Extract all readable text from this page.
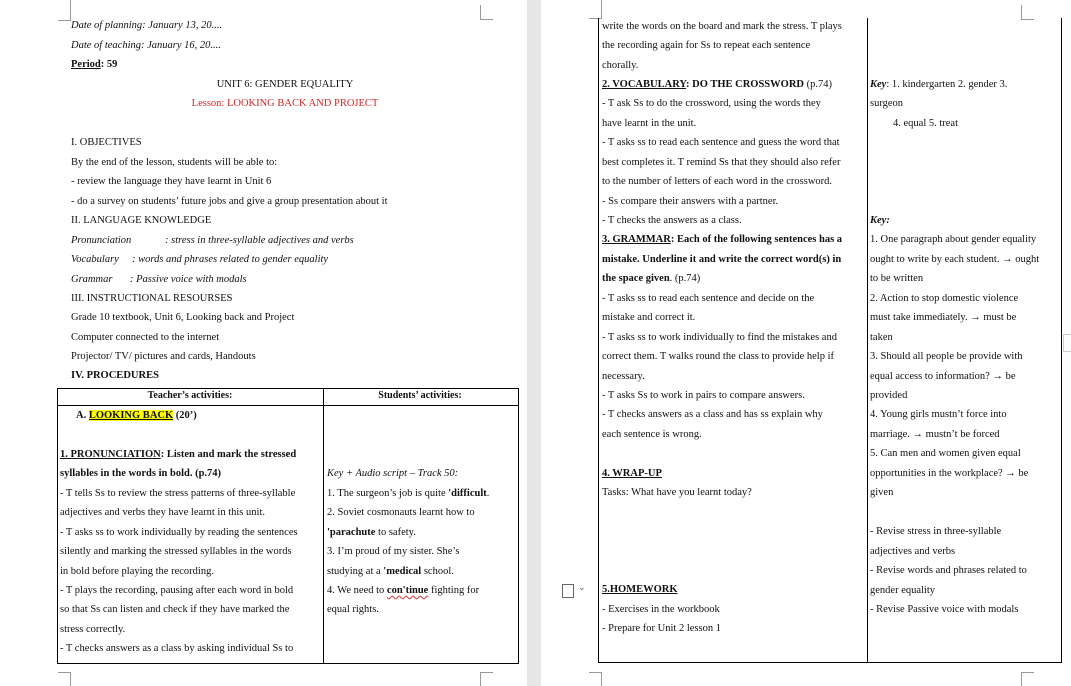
Date of planning: January 13, 20....
Date of teaching: January 16, 20....
Period: 59
UNIT 6: GENDER EQUALITY
Lesson: LOOKING BACK AND PROJECT
I. OBJECTIVES
By the end of the lesson, students will be able to:
- review the language they have learnt in Unit 6
- do a survey on students’ future jobs and give a group presentation about it
II. LANGUAGE KNOWLEDGE
Pronunciation	: stress in three-syllable adjectives and verbs
Vocabulary : words and phrases related to gender equality
Grammar : Passive voice with modals
III. INSTRUCTIONAL RESOURSES
Grade 10 textbook, Unit 6, Looking back and Project
Computer connected to the internet
Projector/ TV/ pictures and cards, Handouts
IV. PROCEDURES
Teacher’s activities:	Students’ activities:
A. LOOKING BACK (20’)
1. PRONUNCIATION: Listen and mark the stressed
syllables in the words in bold. (p.74)
- T tells Ss to review the stress patterns of three-syllable
adjectives and verbs they have learnt in this unit.
- T asks ss to work individually by reading the sentences
silently and marking the stressed syllables in the words
in bold before playing the recording.
- T plays the recording, pausing after each word in bold
so that Ss can listen and check if they have marked the
stress correctly.
- T checks answers as a class by asking individual Ss to
Key + Audio script – Track 50:
1. The surgeon’s job is quite 'difficult.
2. Soviet cosmonauts learnt how to
'parachute to safety.
3. I’m proud of my sister. She’s
studying at a 'medical school.
4. We need to con'tinue fighting for
equal rights.
write the words on the board and mark the stress. T plays
the recording again for Ss to repeat each sentence
chorally.
2. VOCABULARY: DO THE CROSSWORD (p.74)
- T ask Ss to do the crossword, using the words they
have learnt in the unit.
- T asks ss to read each sentence and guess the word that
best completes it. T remind Ss that they should also refer
to the number of letters of each word in the crossword.
- Ss compare their answers with a partner.
- T checks the answers as a class.
Key: 1. kindergarten 2. gender 3.
surgeon
4. equal 5. treat
3. GRAMMAR: Each of the following sentences has a
mistake. Underline it and write the correct word(s) in
the space given. (p.74)
- T asks ss to read each sentence and decide on the
mistake and correct it.
- T asks ss to work individually to find the mistakes and
correct them. T walks round the class to provide help if
necessary.
- T asks Ss to work in pairs to compare answers.
- T checks answers as a class and has ss explain why
each sentence is wrong.
Key:
1. One paragraph about gender equality
ought to write by each student. → ought
to be written
2. Action to stop domestic violence
must take immediately. → must be
taken
3. Should all people be provide with
equal access to information? → be
provided
4. Young girls mustn’t force into
marriage. → mustn’t be forced
5. Can men and women given equal
opportunities in the workplace? → be
given
4. WRAP-UP
Tasks: What have you learnt today?
- Revise stress in three-syllable
adjectives and verbs
- Revise words and phrases related to
gender equality
- Revise Passive voice with modals
5.HOMEWORK
- Exercises in the workbook
- Prepare for Unit 2 lesson 1
⌄
